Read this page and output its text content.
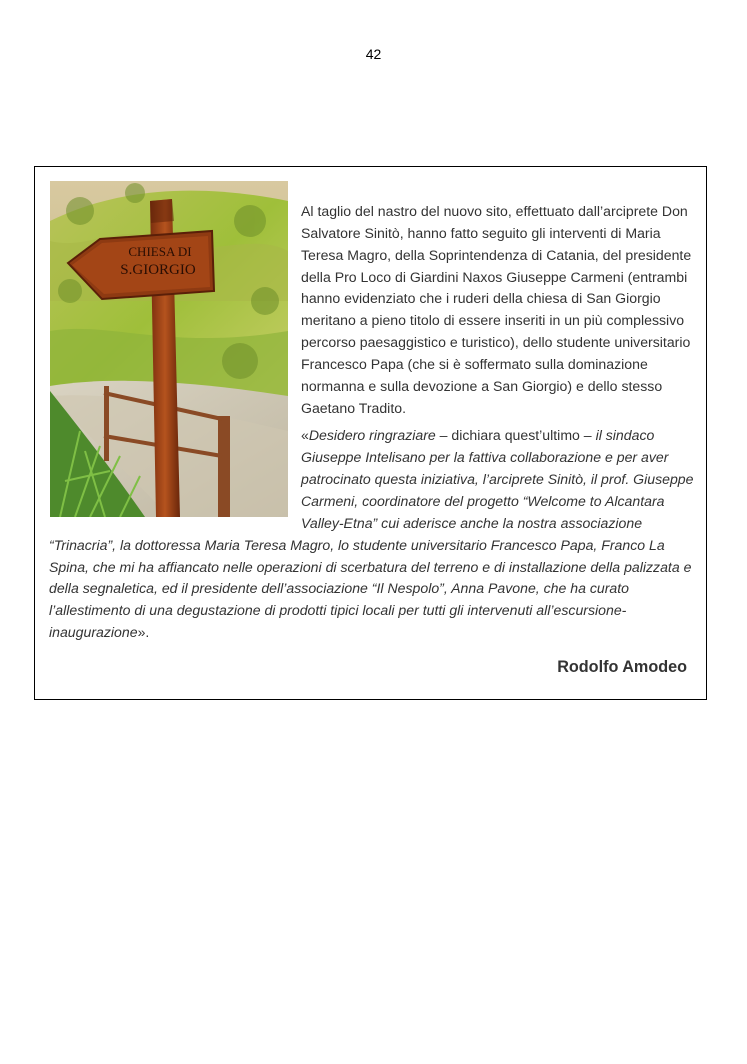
42
CHIESA DI
S.GIORGIO

Al taglio del nastro del nuovo sito, effettuato dall’arciprete Don Salvatore Sinitò, hanno fatto seguito gli interventi di Maria Teresa Magro, della Soprintendenza di Catania, del presidente della Pro Loco di Giardini Naxos Giuseppe Carmeni (entrambi hanno evidenziato che i ruderi della chiesa di San Giorgio meritano a pieno titolo di essere inseriti in un più complessivo percorso paesaggistico e turistico), dello studente universitario Francesco Papa (che si è soffermato sulla dominazione normanna e sulla devozione a San Giorgio) e dello stesso Gaetano Tradito.

«Desidero ringraziare – dichiara quest’ultimo – il sindaco Giuseppe Intelisano per la fattiva collaborazione e per aver patrocinato questa iniziativa, l’arciprete Sinitò, il prof. Giuseppe Carmeni, coordinatore del progetto “Welcome to Alcantara Valley-Etna” cui aderisce anche la nostra associazione “Trinacria”, la dottoressa Maria Teresa Magro, lo studente universitario Francesco Papa, Franco La Spina, che mi ha affiancato nelle operazioni di scerbatura del terreno e di installazione della palizzata e della segnaletica, ed il presidente dell’associazione “Il Nespolo”, Anna Pavone, che ha curato l’allestimento di una degustazione di prodotti tipici locali per tutti gli intervenuti all’escursione-inaugurazione».

Rodolfo Amodeo
